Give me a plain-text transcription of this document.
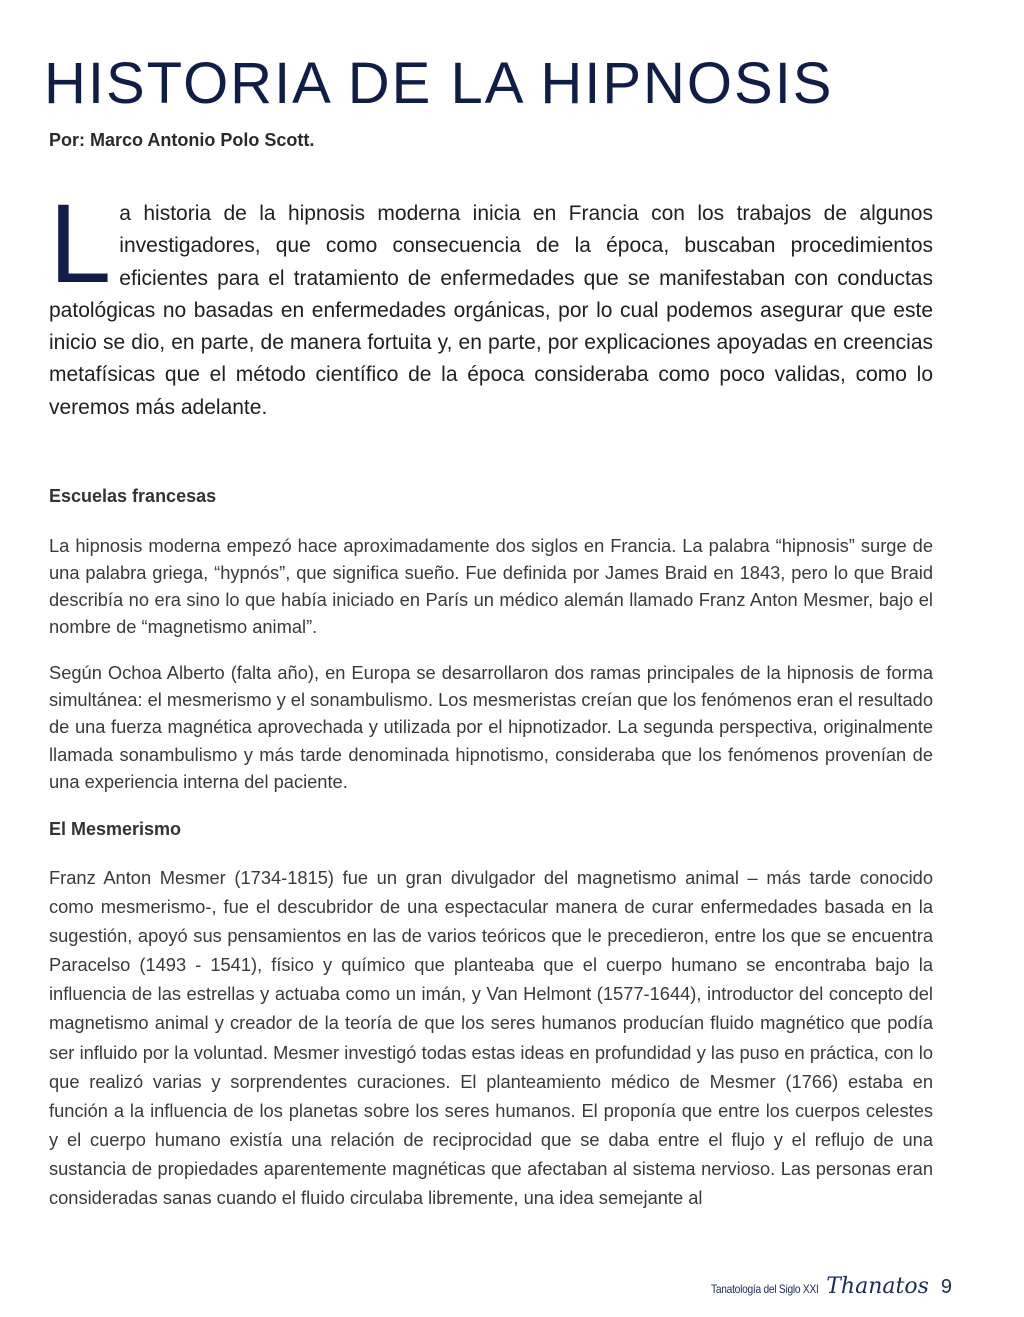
HISTORIA DE LA HIPNOSIS
Por: Marco Antonio Polo Scott.

La historia de la hipnosis moderna inicia en Francia con los trabajos de algunos investigadores, que como consecuencia de la época, buscaban procedimientos eficientes para el tratamiento de enfermedades que se manifestaban con conductas patológicas no basadas en enfermedades orgánicas, por lo cual podemos asegurar que este inicio se dio, en parte, de manera fortuita y, en parte, por explicaciones apoyadas en creencias metafísicas que el método científico de la época consideraba como poco validas, como lo veremos más adelante.

Escuelas francesas

La hipnosis moderna empezó hace aproximadamente dos siglos en Francia. La palabra “hipnosis” surge de una palabra griega, “hypnós”, que significa sueño. Fue definida por James Braid en 1843, pero lo que Braid describía no era sino lo que había iniciado en París un médico alemán llamado Franz Anton Mesmer, bajo el nombre de “magnetismo animal”.

Según Ochoa Alberto (falta año), en Europa se desarrollaron dos ramas principales de la hipnosis de forma simultánea: el mesmerismo y el sonambulismo. Los mesmeristas creían que los fenómenos eran el resultado de una fuerza magnética aprovechada y utilizada por el hipnotizador. La segunda perspectiva, originalmente llamada sonambulismo y más tarde denominada hipnotismo, consideraba que los fenómenos provenían de una experiencia interna del paciente.

El Mesmerismo

Franz Anton Mesmer (1734-1815) fue un gran divulgador del magnetismo animal – más tarde conocido como mesmerismo-, fue el descubridor de una espectacular manera de curar enfermedades basada en la sugestión, apoyó sus pensamientos en las de varios teóricos que le precedieron, entre los que se encuentra Paracelso (1493 - 1541), físico y químico que planteaba que el cuerpo humano se encontraba bajo la influencia de las estrellas y actuaba como un imán, y Van Helmont (1577-1644), introductor del concepto del magnetismo animal y creador de la teoría de que los seres humanos producían fluido magnético que podía ser influido por la voluntad. Mesmer investigó todas estas ideas en profundidad y las puso en práctica, con lo que realizó varias y sorprendentes curaciones. El planteamiento médico de Mesmer (1766) estaba en función a la influencia de los planetas sobre los seres humanos. El proponía que entre los cuerpos celestes y el cuerpo humano existía una relación de reciprocidad que se daba entre el flujo y el reflujo de una sustancia de propiedades aparentemente magnéticas que afectaban al sistema nervioso. Las personas eran consideradas sanas cuando el fluido circulaba libremente, una idea semejante al

Tanatología del Siglo XXI Thanatos 9
